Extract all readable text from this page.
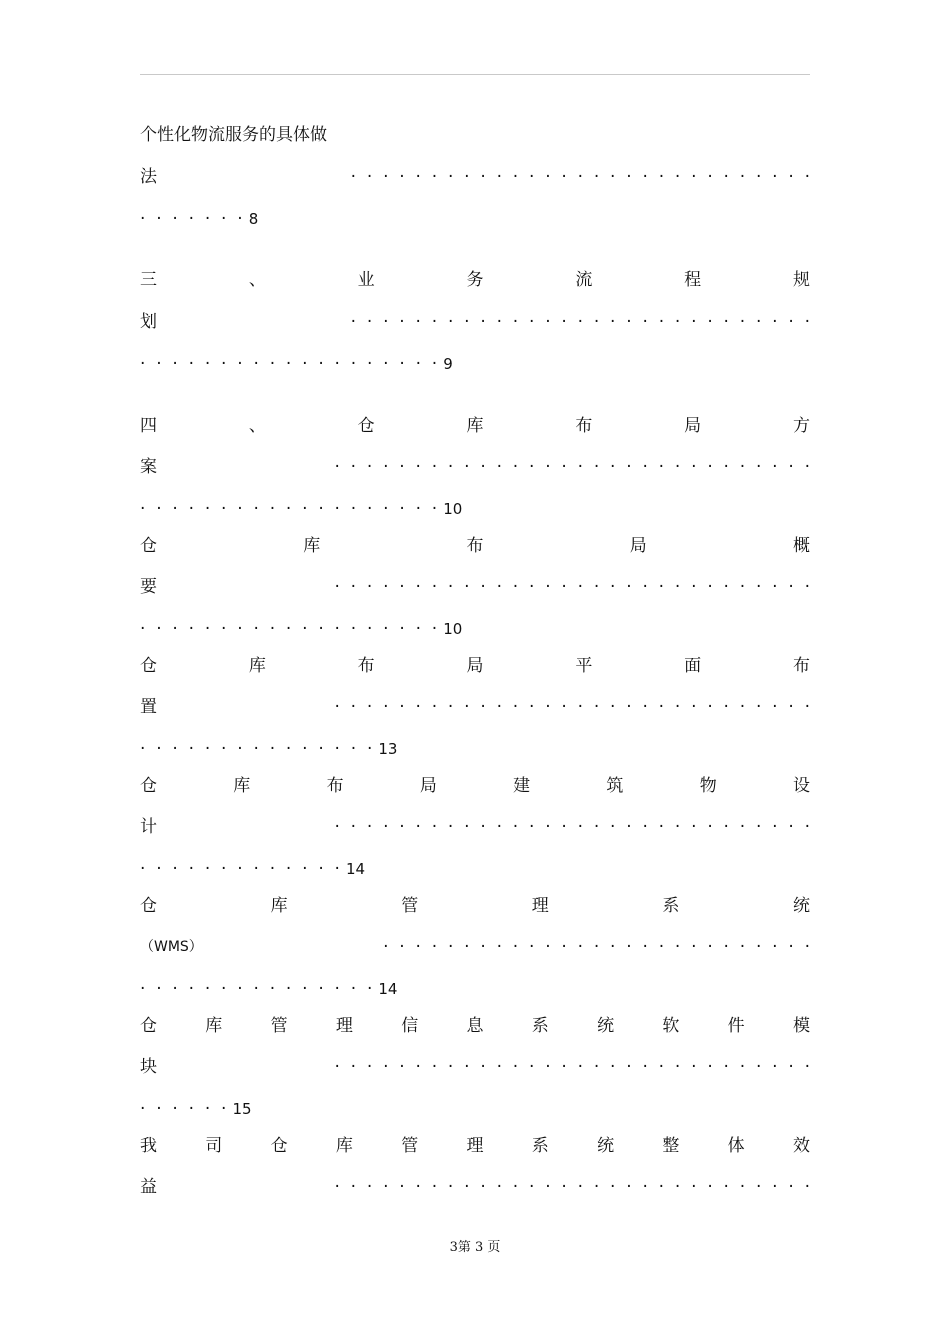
个性化物流服务的具体做
法	·  ·  ·  ·  ·  ·  ·  ·  ·  ·  ·  ·  ·  ·  ·  ·  ·  ·  ·  ·  ·  ·  ·  ·  ·  ·  ·  ·  ·
·  ·  ·  ·  ·  ·  · 8
三	、	业	务	流	程	规
划	·  ·  ·  ·  ·  ·  ·  ·  ·  ·  ·  ·  ·  ·  ·  ·  ·  ·  ·  ·  ·  ·  ·  ·  ·  ·  ·  ·  ·
·  ·  ·  ·  ·  ·  ·  ·  ·  ·  ·  ·  ·  ·  ·  ·  ·  ·  · 9
四	、	仓	库	布	局	方
案	·  ·  ·  ·  ·  ·  ·  ·  ·  ·  ·  ·  ·  ·  ·  ·  ·  ·  ·  ·  ·  ·  ·  ·  ·  ·  ·  ·  ·  ·
·  ·  ·  ·  ·  ·  ·  ·  ·  ·  ·  ·  ·  ·  ·  ·  ·  ·  · 10
仓	库	布	局	概
要	·  ·  ·  ·  ·  ·  ·  ·  ·  ·  ·  ·  ·  ·  ·  ·  ·  ·  ·  ·  ·  ·  ·  ·  ·  ·  ·  ·  ·  ·
·  ·  ·  ·  ·  ·  ·  ·  ·  ·  ·  ·  ·  ·  ·  ·  ·  ·  · 10
仓	库	布	局	平	面	布
置	·  ·  ·  ·  ·  ·  ·  ·  ·  ·  ·  ·  ·  ·  ·  ·  ·  ·  ·  ·  ·  ·  ·  ·  ·  ·  ·  ·  ·  ·
·  ·  ·  ·  ·  ·  ·  ·  ·  ·  ·  ·  ·  ·  · 13
仓	库	布	局	建	筑	物	设
计	·  ·  ·  ·  ·  ·  ·  ·  ·  ·  ·  ·  ·  ·  ·  ·  ·  ·  ·  ·  ·  ·  ·  ·  ·  ·  ·  ·  ·  ·
·  ·  ·  ·  ·  ·  ·  ·  ·  ·  ·  ·  · 14
仓	库	管	理	系	统
（WMS）	·  ·  ·  ·  ·  ·  ·  ·  ·  ·  ·  ·  ·  ·  ·  ·  ·  ·  ·  ·  ·  ·  ·  ·  ·  ·  ·
·  ·  ·  ·  ·  ·  ·  ·  ·  ·  ·  ·  ·  ·  · 14
仓	库	管	理	信	息	系	统	软	件	模
块	·  ·  ·  ·  ·  ·  ·  ·  ·  ·  ·  ·  ·  ·  ·  ·  ·  ·  ·  ·  ·  ·  ·  ·  ·  ·  ·  ·  ·  ·
·  ·  ·  ·  ·  · 15
我	司	仓	库	管	理	系	统	整	体	效
益	·  ·  ·  ·  ·  ·  ·  ·  ·  ·  ·  ·  ·  ·  ·  ·  ·  ·  ·  ·  ·  ·  ·  ·  ·  ·  ·  ·  ·  ·
3第 3 页
